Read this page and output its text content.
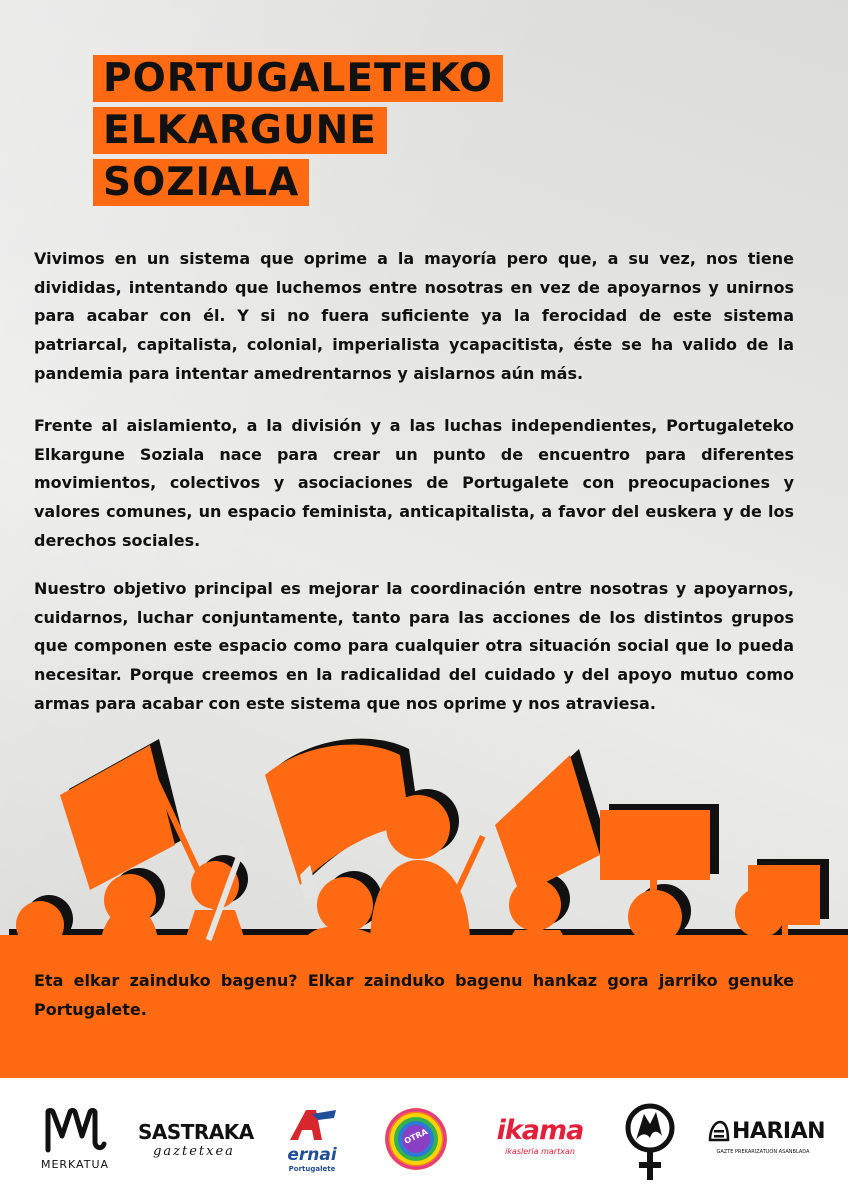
PORTUGALETEKO
ELKARGUNE
SOZIALA

Vivimos en un sistema que oprime a la mayoría pero que, a su vez, nos tiene divididas, intentando que luchemos entre nosotras en vez de apoyarnos y unirnos para acabar con él. Y si no fuera suficiente ya la ferocidad de este sistema patriarcal, capitalista, colonial, imperialista ycapacitista, éste se ha valido de la pandemia para intentar amedrentarnos y aislarnos aún más.

Frente al aislamiento, a la división y a las luchas independientes, Portugaleteko Elkargune Soziala nace para crear un punto de encuentro para diferentes movimientos, colectivos y asociaciones de Portugalete con preocupaciones y valores comunes, un espacio feminista, anticapitalista, a favor del euskera y de los derechos sociales.

Nuestro objetivo principal es mejorar la coordinación entre nosotras y apoyarnos, cuidarnos, luchar conjuntamente, tanto para las acciones de los distintos grupos que componen este espacio como para cualquier otra situación social que lo pueda necesitar. Porque creemos en la radicalidad del cuidado y del apoyo mutuo como armas para acabar con este sistema que nos oprime y nos atraviesa.

Eta elkar zainduko bagenu? Elkar zainduko bagenu hankaz gora jarriko genuke Portugalete.

MERKATUA
SASTRAKA
gaztetxea	ernai
Portugalete
OTRA	ikama
ikasleria martxan
HARIAN
GAZTE PREKARIZATUON ASANBLADA
